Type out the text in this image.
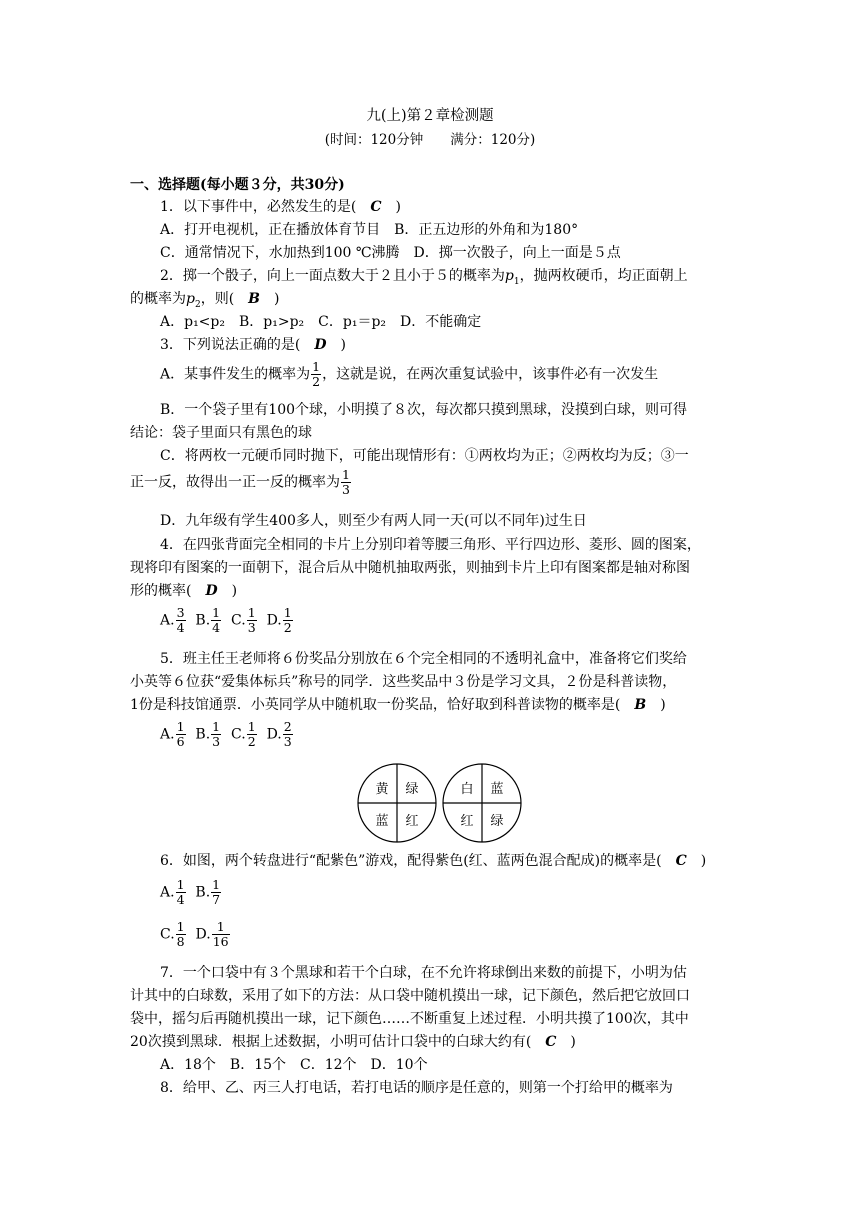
九(上)第２章检测题
(时间：120分钟　　满分：120分)
一、选择题(每小题３分，共30分)
1．以下事件中，必然发生的是(　C　)
A．打开电视机，正在播放体育节目　B．正五边形的外角和为180°
C．通常情况下，水加热到100 ℃沸腾　D．掷一次骰子，向上一面是５点
2．掷一个骰子，向上一面点数大于２且小于５的概率为$p_1$，抛两枚硬币，均正面朝上
的概率为$p_2$，则(　B　)
A．p₁<p₂　B．p₁>p₂　C．p₁＝p₂　D．不能确定
3．下列说法正确的是(　D　)
A．某事件发生的概率为 $\frac{1}{2}$ ，这就是说，在两次重复试验中，该事件必有一次发生
B．一个袋子里有100个球，小明摸了８次，每次都只摸到黑球，没摸到白球，则可得
结论：袋子里面只有黑色的球
C．将两枚一元硬币同时抛下，可能出现情形有：①两枚均为正；②两枚均为反；③一
正一反，故得出一正一反的概率为 $\frac{1}{3}$
D．九年级有学生400多人，则至少有两人同一天(可以不同年)过生日
4．在四张背面完全相同的卡片上分别印着等腰三角形、平行四边形、菱形、圆的图案，
现将印有图案的一面朝下，混合后从中随机抽取两张，则抽到卡片上印有图案都是轴对称图
形的概率(　D　)
A. $\frac{3}{4} B$. $\frac{1}{4} C$. $\frac{1}{3} D$. $\frac{1}{2}$
5．班主任王老师将６份奖品分别放在６个完全相同的不透明礼盒中，准备将它们奖给
小英等６位获“爱集体标兵”称号的同学．这些奖品中３份是学习文具，２份是科普读物，
1份是科技馆通票．小英同学从中随机取一份奖品，恰好取到科普读物的概率是(　B　)
A. $\frac{1}{6} B$. $\frac{1}{3} C$. $\frac{1}{2} D$. $\frac{2}{3}$
黄 绿
蓝 红
白 蓝
红 绿
6．如图，两个转盘进行“配紫色”游戏，配得紫色(红、蓝两色混合配成)的概率是(　C　)
A. $\frac{1}{4} B$. $\frac{1}{7}$
C. $\frac{1}{8} D$. $\frac{1}{16}$
7．一个口袋中有３个黑球和若干个白球，在不允许将球倒出来数的前提下，小明为估
计其中的白球数，采用了如下的方法：从口袋中随机摸出一球，记下颜色，然后把它放回口
袋中，摇匀后再随机摸出一球，记下颜色……不断重复上述过程．小明共摸了100次，其中
20次摸到黑球．根据上述数据，小明可估计口袋中的白球大约有(　C　)
A．18个　B．15个　C．12个　D．10个
8．给甲、乙、丙三人打电话，若打电话的顺序是任意的，则第一个打给甲的概率为
